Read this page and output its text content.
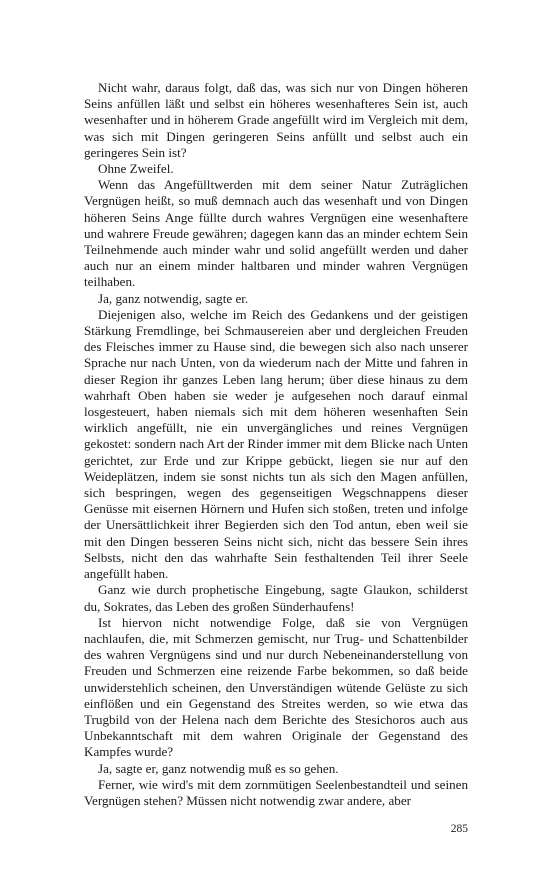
Nicht wahr, daraus folgt, daß das, was sich nur von Dingen höheren Seins anfüllen läßt und selbst ein höheres wesenhafteres Sein ist, auch wesenhafter und in höherem Grade angefüllt wird im Vergleich mit dem, was sich mit Dingen geringeren Seins anfüllt und selbst auch ein geringeres Sein ist?

Ohne Zweifel.

Wenn das Angefülltwerden mit dem seiner Natur Zuträglichen Vergnügen heißt, so muß demnach auch das wesenhaft und von Dingen höheren Seins Ange füllte durch wahres Vergnügen eine wesenhaftere und wahrere Freude gewähren; dagegen kann das an minder echtem Sein Teilnehmende auch minder wahr und solid angefüllt werden und daher auch nur an einem minder haltbaren und minder wahren Vergnügen teilhaben.

Ja, ganz notwendig, sagte er.

Diejenigen also, welche im Reich des Gedankens und der geistigen Stärkung Fremdlinge, bei Schmausereien aber und dergleichen Freuden des Fleisches immer zu Hause sind, die bewegen sich also nach unserer Sprache nur nach Unten, von da wiederum nach der Mitte und fahren in dieser Region ihr ganzes Leben lang herum; über diese hinaus zu dem wahrhaft Oben haben sie weder je aufgesehen noch darauf einmal losgesteuert, haben niemals sich mit dem höheren wesenhaften Sein wirklich angefüllt, nie ein unvergängliches und reines Vergnügen gekostet: sondern nach Art der Rinder immer mit dem Blicke nach Unten gerichtet, zur Erde und zur Krippe gebückt, liegen sie nur auf den Weideplätzen, indem sie sonst nichts tun als sich den Magen anfüllen, sich bespringen, wegen des gegenseitigen Wegschnappens dieser Genüsse mit eisernen Hörnern und Hufen sich stoßen, treten und infolge der Unersättlichkeit ihrer Begierden sich den Tod antun, eben weil sie mit den Dingen besseren Seins nicht sich, nicht das bessere Sein ihres Selbsts, nicht den das wahrhafte Sein festhaltenden Teil ihrer Seele angefüllt haben.

Ganz wie durch prophetische Eingebung, sagte Glaukon, schilderst du, Sokrates, das Leben des großen Sünderhaufens!

Ist hiervon nicht notwendige Folge, daß sie von Vergnügen nachlaufen, die, mit Schmerzen gemischt, nur Trug- und Schattenbilder des wahren Vergnügens sind und nur durch Nebeneinanderstellung von Freuden und Schmerzen eine reizende Farbe bekommen, so daß beide unwiderstehlich scheinen, den Unverständigen wütende Gelüste zu sich einflößen und ein Gegenstand des Streites werden, so wie etwa das Trugbild von der Helena nach dem Berichte des Stesichoros auch aus Unbekanntschaft mit dem wahren Originale der Gegenstand des Kampfes wurde?

Ja, sagte er, ganz notwendig muß es so gehen.

Ferner, wie wird's mit dem zornmütigen Seelenbestandteil und seinen Vergnügen stehen? Müssen nicht notwendig zwar andere, aber

285
